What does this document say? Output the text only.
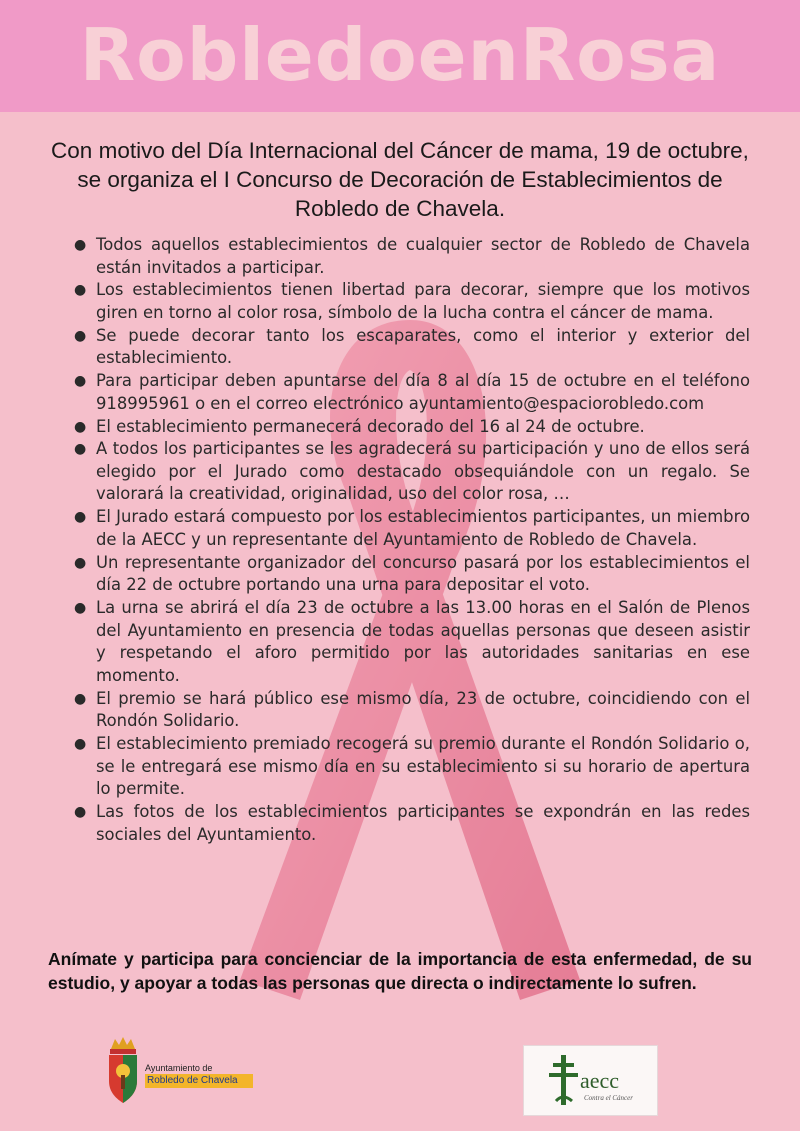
RobledoenRosa
Con motivo del Día Internacional del Cáncer de mama, 19 de octubre, se organiza el I Concurso de Decoración de Establecimientos de Robledo de Chavela.
● Todos aquellos establecimientos de cualquier sector de Robledo de Chavela están invitados a participar.
● Los establecimientos tienen libertad para decorar, siempre que los motivos giren en torno al color rosa, símbolo de la lucha contra el cáncer de mama.
● Se puede decorar tanto los escaparates, como el interior y exterior del establecimiento.
● Para participar deben apuntarse del día 8 al día 15 de octubre en el teléfono 918995961 o en el correo electrónico ayuntamiento@espaciorobledo.com
● El establecimiento permanecerá decorado del 16 al 24 de octubre.
● A todos los participantes se les agradecerá su participación y uno de ellos será elegido por el Jurado como destacado obsequiándole con un regalo. Se valorará la creatividad, originalidad, uso del color rosa, …
● El Jurado estará compuesto por los establecimientos participantes, un miembro de la AECC y un representante del Ayuntamiento de Robledo de Chavela.
● Un representante organizador del concurso pasará por los establecimientos el día 22 de octubre portando una urna para depositar el voto.
● La urna se abrirá el día 23 de octubre a las 13.00 horas en el Salón de Plenos del Ayuntamiento en presencia de todas aquellas personas que deseen asistir y respetando el aforo permitido por las autoridades sanitarias en ese momento.
● El premio se hará público ese mismo día, 23 de octubre, coincidiendo con el Rondón Solidario.
● El establecimiento premiado recogerá su premio durante el Rondón Solidario o, se le entregará ese mismo día en su establecimiento si su horario de apertura lo permite.
● Las fotos de los establecimientos participantes se expondrán en las redes sociales del Ayuntamiento.
Anímate y participa para concienciar de la importancia de esta enfermedad, de su estudio, y apoyar a todas las personas que directa o indirectamente lo sufren.
Ayuntamiento de
Robledo de Chavela	aecc
Contra el Cáncer
